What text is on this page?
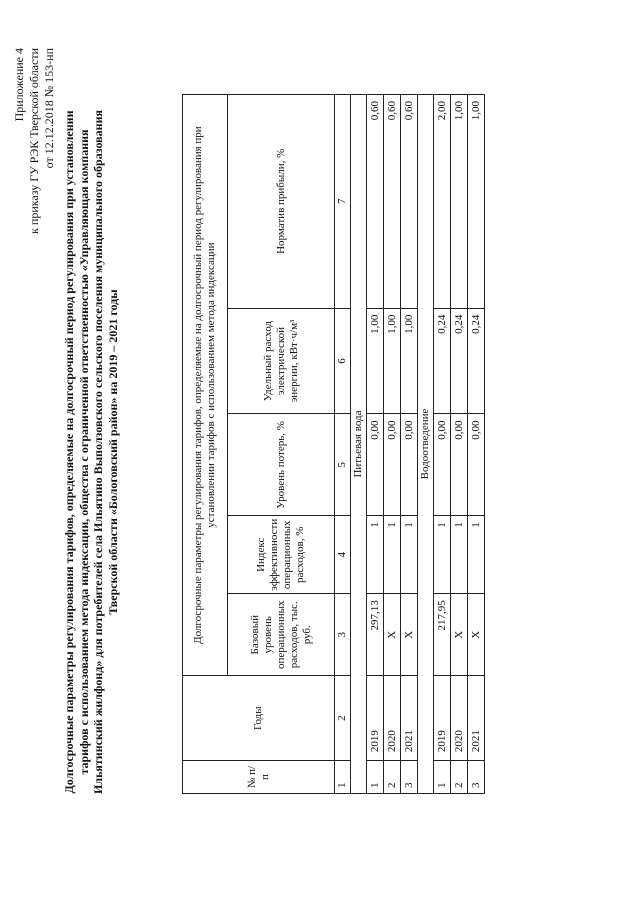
Приложение 4 к приказу ГУ РЭК Тверской области от 12.12.2018 № 153-нп
Долгосрочные параметры регулирования тарифов, определяемые на долгосрочный период регулирования при установлении тарифов с использованием метода индексации, общества с ограниченной ответственностью «Управляющая компания Ильятинский жилфонд» для потребителей села Ильятино Выползовского сельского поселения муниципального образования Тверской области «Бологовский район» на 2019 – 2021 годы
№ п/п	Годы	Долгосрочные параметры регулирования тарифов, определяемые на долгосрочный период регулирования при установлении тарифов с использованием метода индексации				
		Базовый уровень операционных расходов, тыс. руб.	Индекс эффективности операционных расходов, %	Уровень потерь, %	Удельный расход электрической энергии, кВт·ч/м³	Норматив прибыли, %
1	2	3	4	5	6	7
Питьевая вода						
1	2019	297,13	1	0,00	1,00	0,60
2	2020	Х	1	0,00	1,00	0,60
3	2021	Х	1	0,00	1,00	0,60
Водоотведение						
1	2019	217,95	1	0,00	0,24	2,00
2	2020	Х	1	0,00	0,24	1,00
3	2021	Х	1	0,00	0,24	1,00
